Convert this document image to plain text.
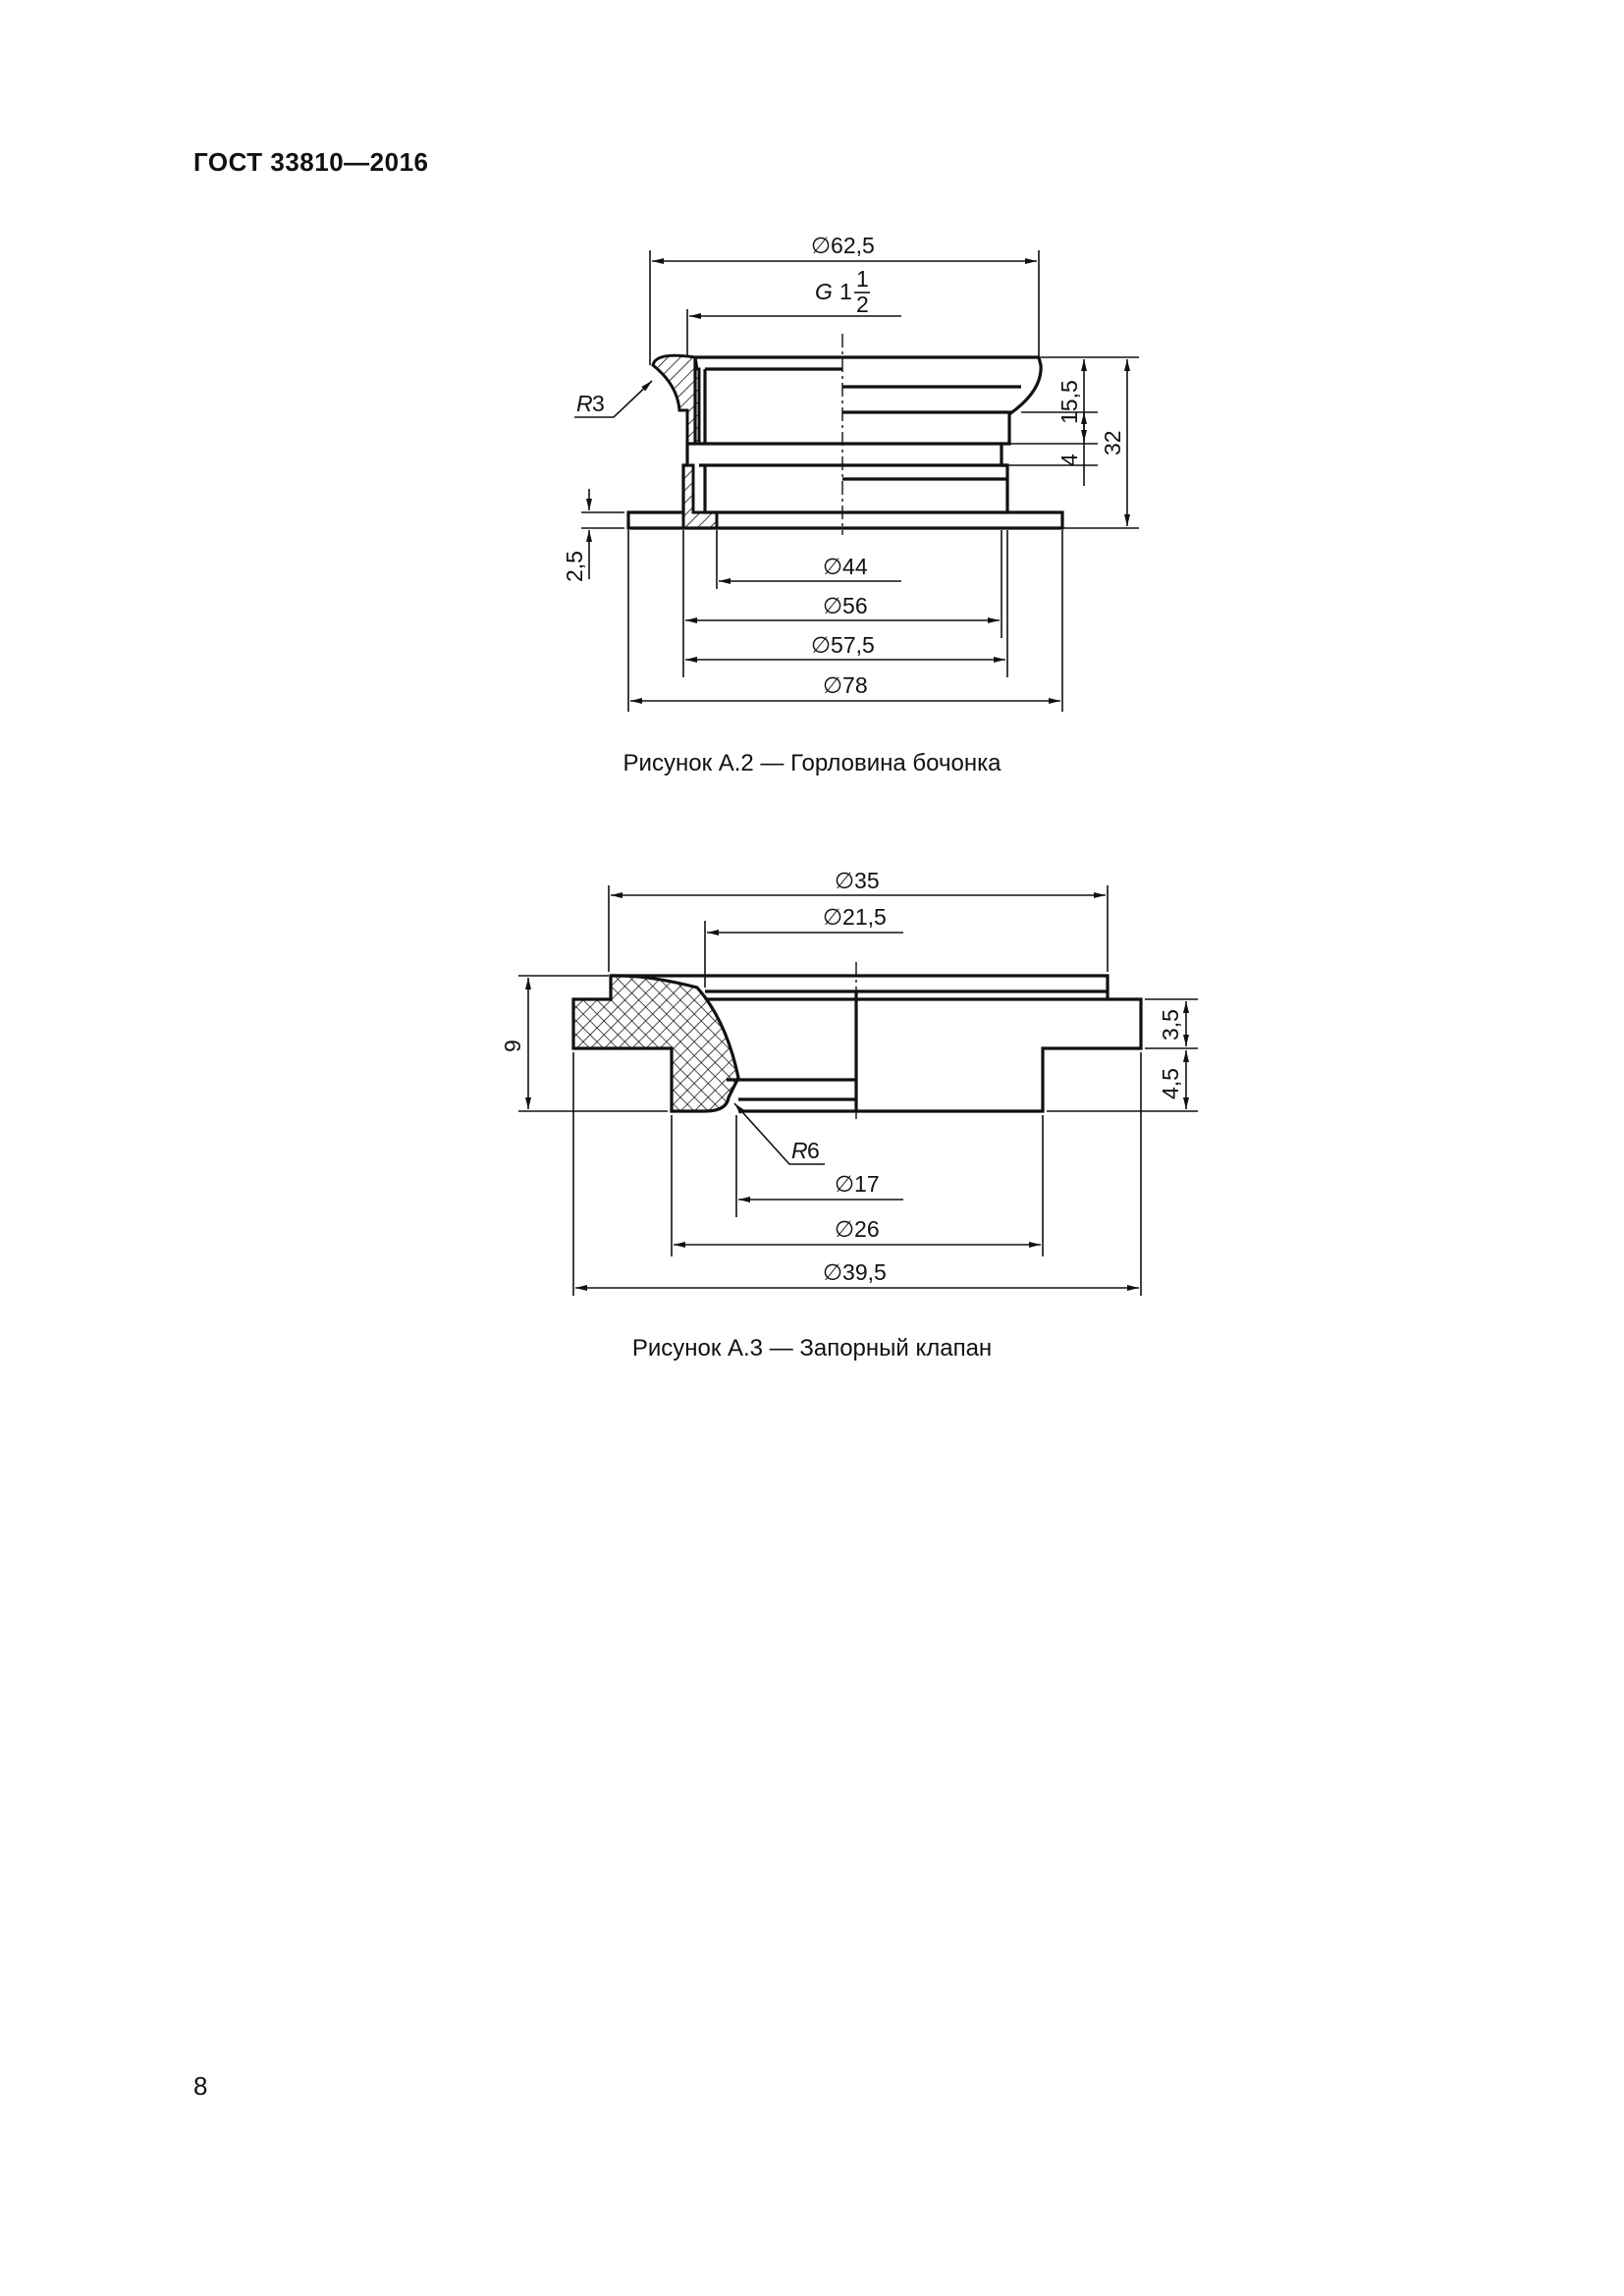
ГОСТ 33810—2016
∅62,5
G 1 1
2
R 3	15,5
4
32
2,5	∅44
∅56
∅57,5
∅78
∅35
∅21,5
9
3,5
4,5
R 6
∅17
∅26
∅39,5
Рисунок А.2 — Горловина бочонка
Рисунок А.3 — Запорный клапан
8
